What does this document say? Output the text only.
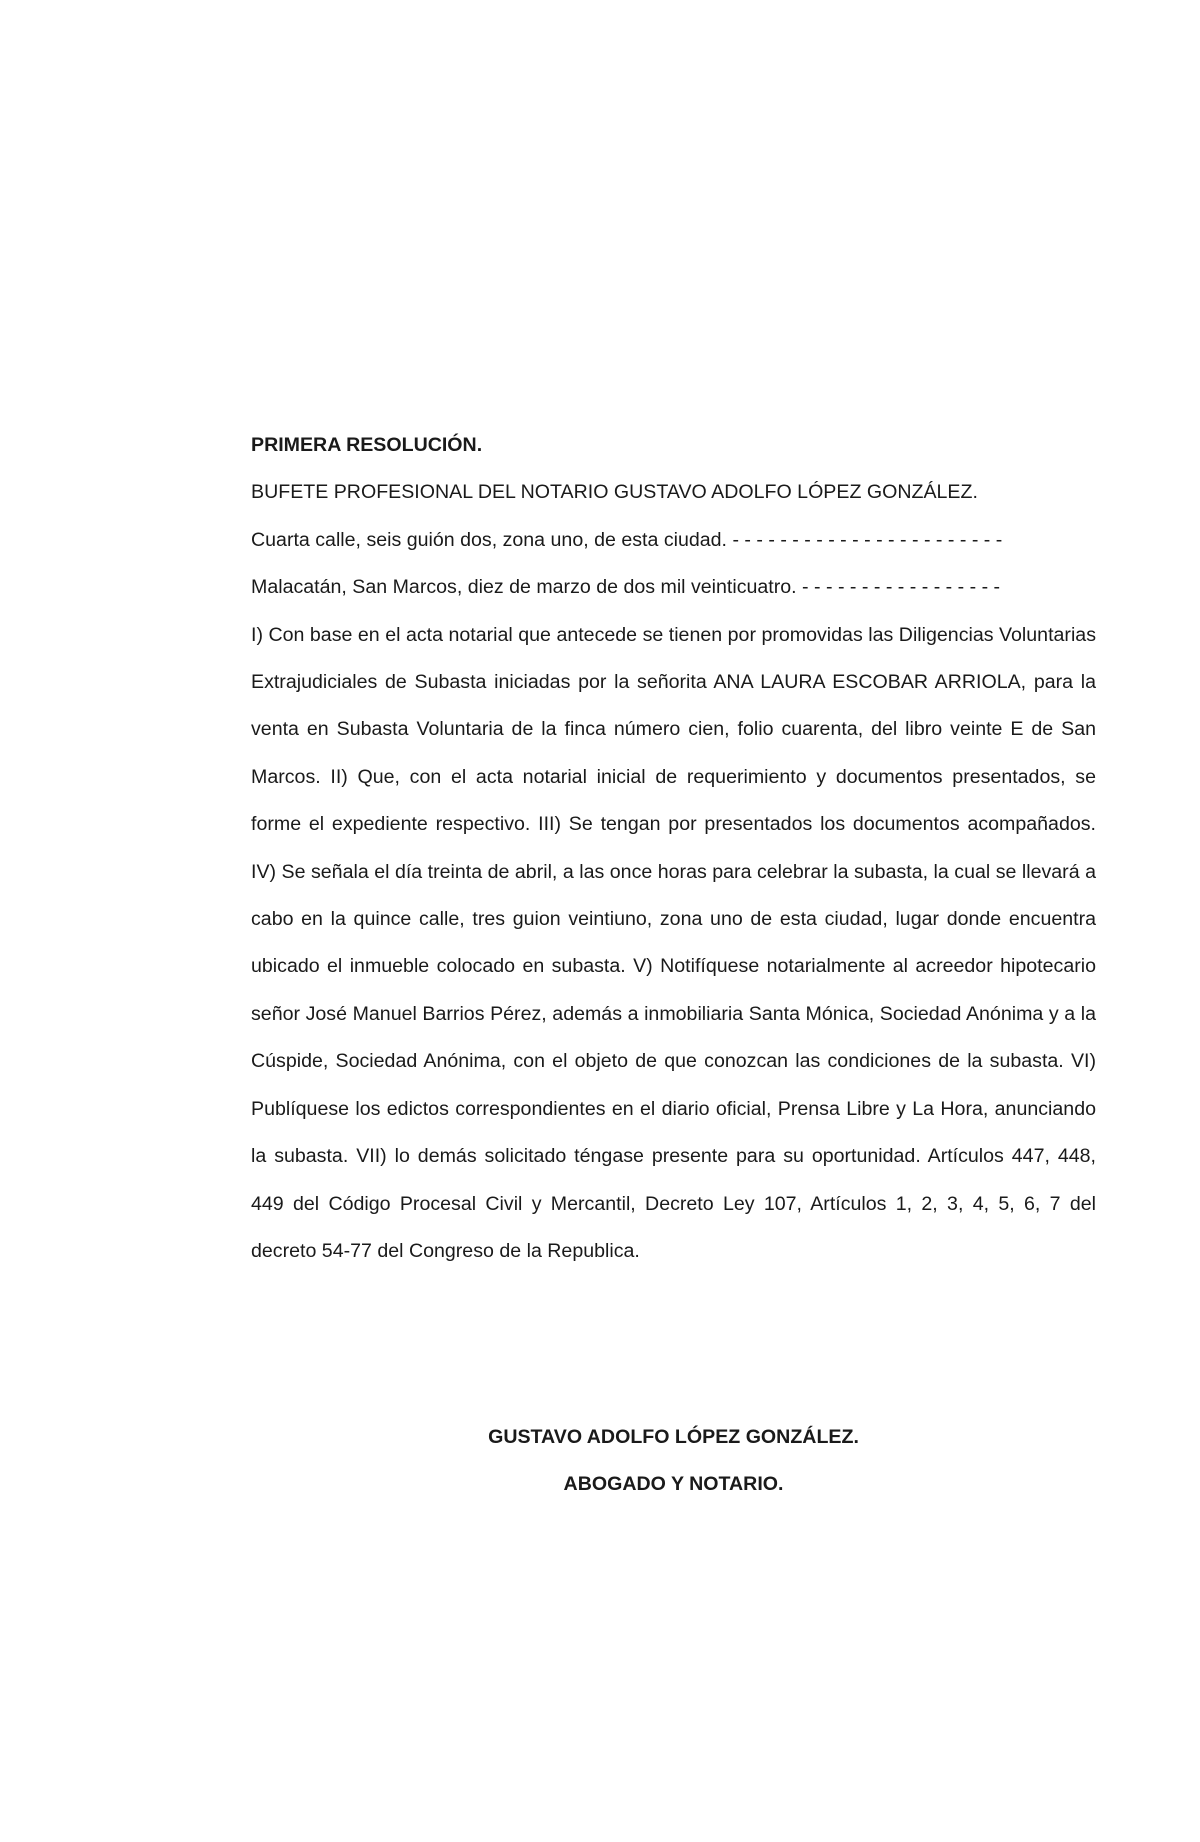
PRIMERA RESOLUCIÓN.

BUFETE PROFESIONAL DEL NOTARIO GUSTAVO ADOLFO LÓPEZ GONZÁLEZ.

Cuarta calle, seis guión dos, zona uno, de esta ciudad. - - - - - - - - - - - - - - - - - - - - - - -

Malacatán, San Marcos, diez de marzo de dos mil veinticuatro. - - - - - - - - - - - - - - - - -

I) Con base en el acta notarial que antecede se tienen por promovidas las Diligencias Voluntarias Extrajudiciales de Subasta iniciadas por la señorita ANA LAURA ESCOBAR ARRIOLA, para la venta en Subasta Voluntaria de la finca número cien, folio cuarenta, del libro veinte E de San Marcos. II) Que, con el acta notarial inicial de requerimiento y documentos presentados, se forme el expediente respectivo. III) Se tengan por presentados los documentos acompañados. IV) Se señala el día treinta de abril, a las once horas para celebrar la subasta, la cual se llevará a cabo en la quince calle, tres guion veintiuno, zona uno de esta ciudad, lugar donde encuentra ubicado el inmueble colocado en subasta. V) Notifíquese notarialmente al acreedor hipotecario señor José Manuel Barrios Pérez, además a inmobiliaria Santa Mónica, Sociedad Anónima y a la Cúspide, Sociedad Anónima, con el objeto de que conozcan las condiciones de la subasta. VI) Publíquese los edictos correspondientes en el diario oficial, Prensa Libre y La Hora, anunciando la subasta. VII) lo demás solicitado téngase presente para su oportunidad. Artículos 447, 448, 449 del Código Procesal Civil y Mercantil, Decreto Ley 107, Artículos 1, 2, 3, 4, 5, 6, 7 del decreto 54-77 del Congreso de la Republica.

GUSTAVO ADOLFO LÓPEZ GONZÁLEZ.

ABOGADO Y NOTARIO.
